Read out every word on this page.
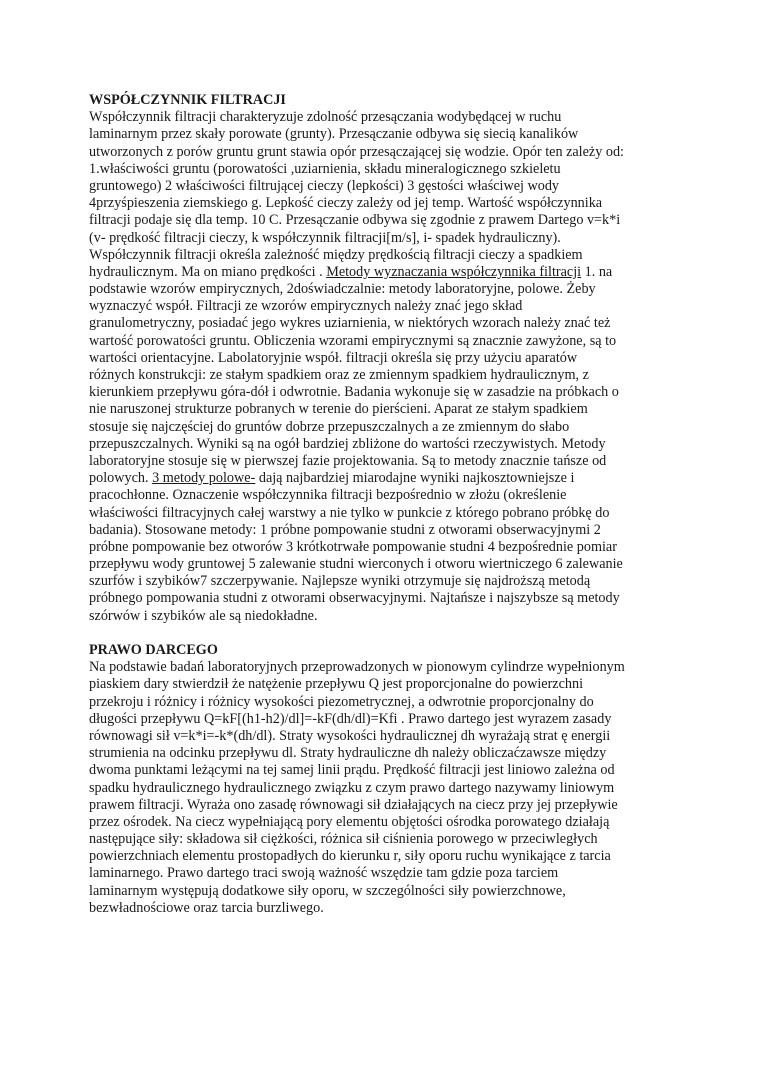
WSPÓŁCZYNNIK FILTRACJI
Współczynnik filtracji charakteryzuje zdolność przesączania wodybędącej w ruchu
laminarnym przez skały porowate (grunty). Przesączanie odbywa się siecią kanalików
utworzonych z porów gruntu grunt stawia opór przesączającej się wodzie. Opór ten zależy od:
1.właściwości gruntu (porowatości ,uziarnienia, składu mineralogicznego szkieletu
gruntowego) 2 właściwości filtrującej cieczy (lepkości) 3 gęstości właściwej wody
4przyśpieszenia ziemskiego g. Lepkość cieczy zależy od jej temp. Wartość współczynnika
filtracji podaje się dla temp. 10 C. Przesączanie odbywa się zgodnie z prawem Dartego v=k*i
(v- prędkość filtracji cieczy, k współczynnik filtracji[m/s], i- spadek hydrauliczny).
Współczynnik filtracji określa zależność między prędkością filtracji cieczy a spadkiem
hydraulicznym. Ma on miano prędkości . Metody wyznaczania współczynnika filtracji 1. na
podstawie wzorów empirycznych, 2doświadczalnie: metody laboratoryjne, polowe. Żeby
wyznaczyć współ. Filtracji ze wzorów empirycznych należy znać jego skład
granulometryczny, posiadać jego wykres uziarnienia, w niektórych wzorach należy znać też
wartość porowatości gruntu. Obliczenia wzorami empirycznymi są znacznie zawyżone, są to
wartości orientacyjne. Labolatoryjnie współ. filtracji określa się przy użyciu aparatów
różnych konstrukcji: ze stałym spadkiem oraz ze zmiennym spadkiem hydraulicznym, z
kierunkiem przepływu góra-dół i odwrotnie. Badania wykonuje się w zasadzie na próbkach o
nie naruszonej strukturze pobranych w terenie do pierścieni. Aparat ze stałym spadkiem
stosuje się najczęściej do gruntów dobrze przepuszczalnych a ze zmiennym do słabo
przepuszczalnych. Wyniki są na ogół bardziej zbliżone do wartości rzeczywistych. Metody
laboratoryjne stosuje się w pierwszej fazie projektowania. Są to metody znacznie tańsze od
polowych. 3 metody polowe- dają najbardziej miarodajne wyniki najkosztowniejsze i
pracochłonne. Oznaczenie współczynnika filtracji bezpośrednio w złożu (określenie
właściwości filtracyjnych całej warstwy a nie tylko w punkcie z którego pobrano próbkę do
badania). Stosowane metody: 1 próbne pompowanie studni z otworami obserwacyjnymi 2
próbne pompowanie bez otworów 3 krótkotrwałe pompowanie studni 4 bezpośrednie pomiar
przepływu wody gruntowej 5 zalewanie studni wierconych i otworu wiertniczego 6 zalewanie
szurfów i szybików7 szczerpywanie. Najlepsze wyniki otrzymuje się najdroższą metodą
próbnego pompowania studni z otworami obserwacyjnymi. Najtańsze i najszybsze są metody
szórwów i szybików ale są niedokładne.
PRAWO DARCEGO
Na podstawie badań laboratoryjnych przeprowadzonych w pionowym cylindrze wypełnionym
piaskiem dary stwierdził że natężenie przepływu Q jest proporcjonalne do powierzchni
przekroju i różnicy i różnicy wysokości piezometrycznej, a odwrotnie proporcjonalny do
długości przepływu Q=kF[(h1-h2)/dl]=-kF(dh/dl)=Kfi . Prawo dartego jest wyrazem zasady
równowagi sił v=k*i=-k*(dh/dl). Straty wysokości hydraulicznej dh wyrażają strat ę energii
strumienia na odcinku przepływu dl. Straty hydrauliczne dh należy obliczaćzawsze między
dwoma punktami leżącymi na tej samej linii prądu. Prędkość filtracji jest liniowo zależna od
spadku hydraulicznego hydraulicznego związku z czym prawo dartego nazywamy liniowym
prawem filtracji. Wyraża ono zasadę równowagi sił działających na ciecz przy jej przepływie
przez ośrodek. Na ciecz wypełniającą pory elementu objętości ośrodka porowatego działają
następujące siły: składowa sił ciężkości, różnica sił ciśnienia porowego w przeciwległych
powierzchniach elementu prostopadłych do kierunku r, siły oporu ruchu wynikające z tarcia
laminarnego. Prawo dartego traci swoją ważność wszędzie tam gdzie poza tarciem
laminarnym występują dodatkowe siły oporu, w szczególności siły powierzchnowe,
bezwładnościowe oraz tarcia burzliwego.
